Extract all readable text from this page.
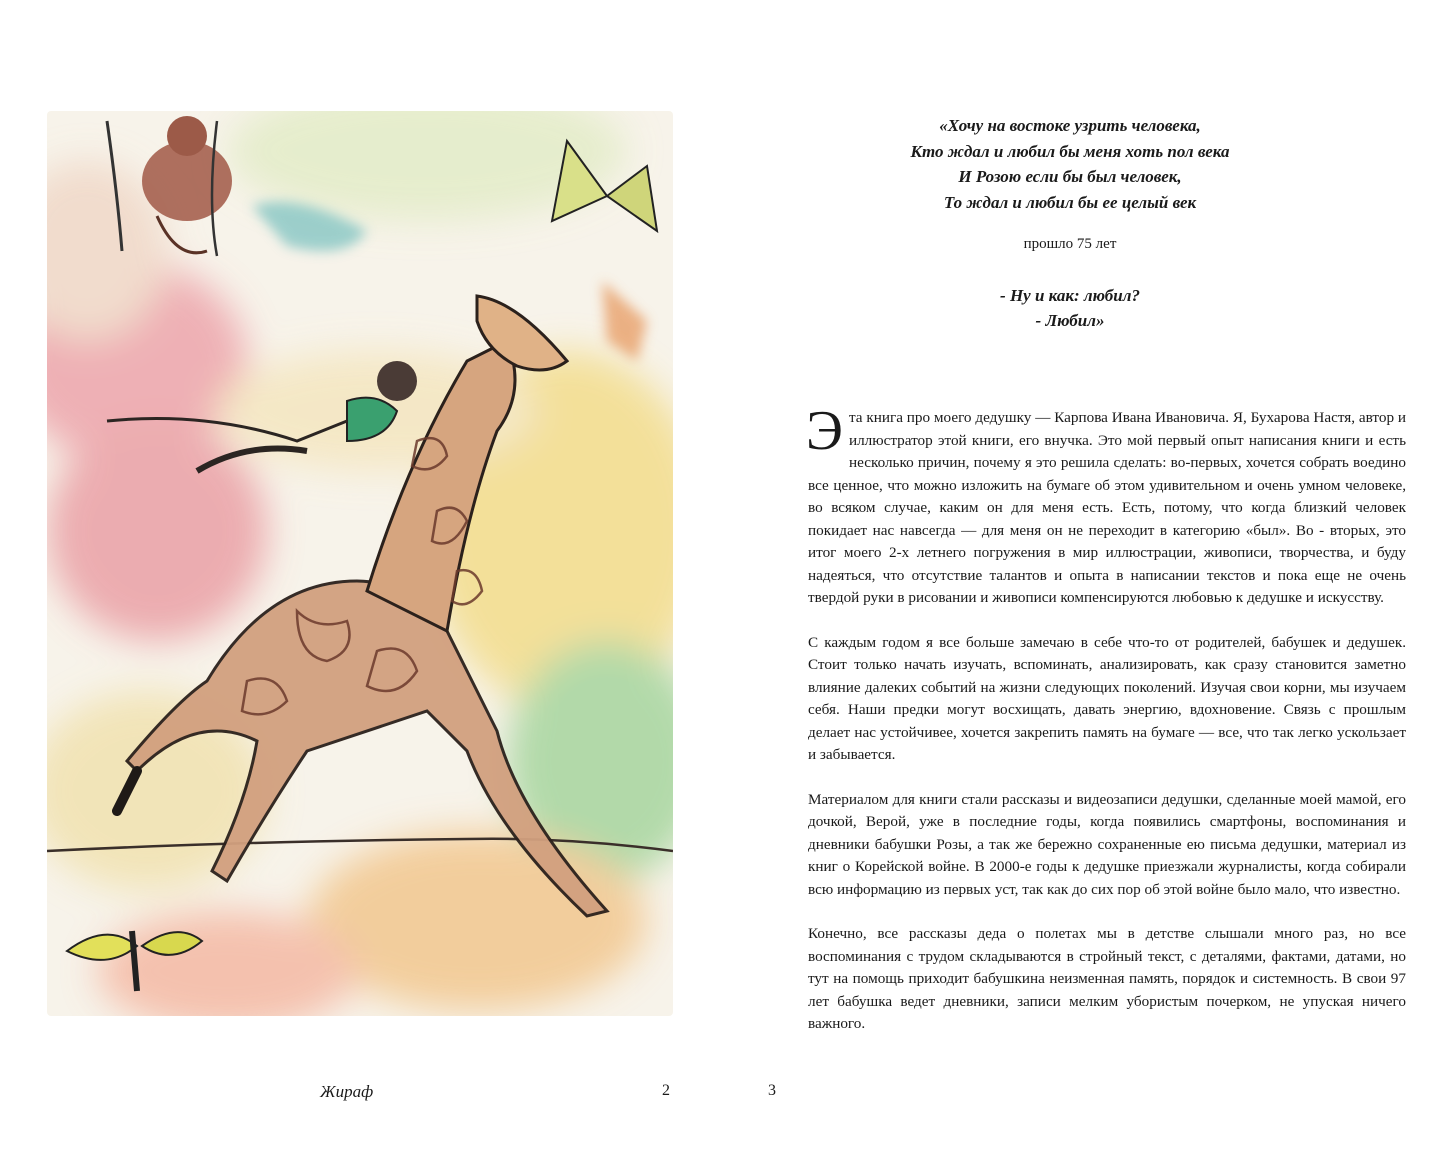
Жираф	2	3
«Хочу на востоке узрить человека,
Кто ждал и любил бы меня хоть пол века
И Розою если бы был человек,
То ждал и любил бы ее целый век
прошло 75 лет
- Ну и как: любил?
- Любил»

Эта книга про моего дедушку — Карпова Ивана Ивановича. Я, Бухарова Настя, автор и иллюстратор этой книги, его внучка. Это мой первый опыт написания книги и есть несколько причин, почему я это решила сделать: во-первых, хочется собрать воедино все ценное, что можно изложить на бумаге об этом удивительном и очень умном человеке, во всяком случае, каким он для меня есть. Есть, потому, что когда близкий человек покидает нас навсегда — для меня он не переходит в категорию «был». Во - вторых, это итог моего 2-х летнего погружения в мир иллюстрации, живописи, творчества, и буду надеяться, что отсутствие талантов и опыта в написании текстов и пока еще не очень твердой руки в рисовании и живописи компенсируются любовью к дедушке и искусству.

С каждым годом я все больше замечаю в себе что-то от родителей, бабушек и дедушек. Стоит только начать изучать, вспоминать, анализировать, как сразу становится заметно влияние далеких событий на жизни следующих поколений. Изучая свои корни, мы изучаем себя. Наши предки могут восхищать, давать энергию, вдохновение. Связь с прошлым делает нас устойчивее, хочется закрепить память на бумаге — все, что так легко ускользает и забывается.

Материалом для книги стали рассказы и видеозаписи дедушки, сделанные моей мамой, его дочкой, Верой, уже в последние годы, когда появились смартфоны, воспоминания и дневники бабушки Розы, а так же бережно сохраненные ею письма дедушки, материал из книг о Корейской войне. В 2000-е годы к дедушке приезжали журналисты, когда собирали всю информацию из первых уст, так как до сих пор об этой войне было мало, что известно.

Конечно, все рассказы деда о полетах мы в детстве слышали много раз, но все воспоминания с трудом складываются в стройный текст, с деталями, фактами, датами, но тут на помощь приходит бабушкина неизменная память, порядок и системность. В свои 97 лет бабушка ведет дневники, записи мелким убористым почерком, не упуская ничего важного.
